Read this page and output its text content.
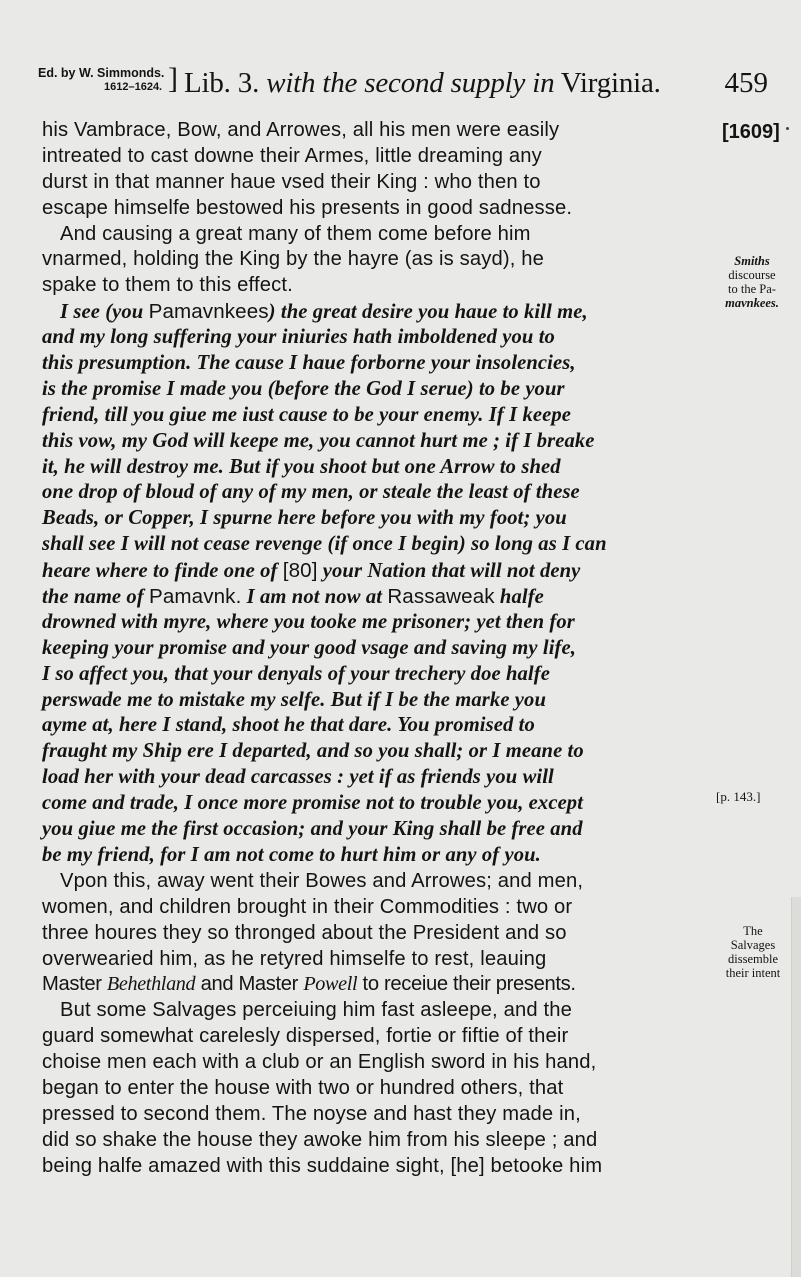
Ed. by W. Simmonds.
1612–1624. ] Lib. 3. with the second supply in Virginia. 459
[1609]
Smiths
discourse
to the Pa-
mavnkees.
[p. 143.]
The
Salvages
dissemble
their intent
his Vambrace, Bow, and Arrowes, all his men were easily
intreated to cast downe their Armes, little dreaming any
durst in that manner haue vsed their King : who then to
escape himselfe bestowed his presents in good sadnesse.
And causing a great many of them come before him
vnarmed, holding the King by the hayre (as is sayd), he
spake to them to this effect.
I see (you Pamavnkees) the great desire you haue to kill me,
and my long suffering your iniuries hath imboldened you to
this presumption. The cause I haue forborne your insolencies,
is the promise I made you (before the God I serue) to be your
friend, till you giue me iust cause to be your enemy. If I keepe
this vow, my God will keepe me, you cannot hurt me ; if I breake
it, he will destroy me. But if you shoot but one Arrow to shed
one drop of bloud of any of my men, or steale the least of these
Beads, or Copper, I spurne here before you with my foot; you
shall see I will not cease revenge (if once I begin) so long as I can
heare where to finde one of [80] your Nation that will not deny
the name of Pamavnk. I am not now at Rassaweak halfe
drowned with myre, where you tooke me prisoner; yet then for
keeping your promise and your good vsage and saving my life,
I so affect you, that your denyals of your trechery doe halfe
perswade me to mistake my selfe. But if I be the marke you
ayme at, here I stand, shoot he that dare. You promised to
fraught my Ship ere I departed, and so you shall; or I meane to
load her with your dead carcasses : yet if as friends you will
come and trade, I once more promise not to trouble you, except
you giue me the first occasion; and your King shall be free and
be my friend, for I am not come to hurt him or any of you.
Vpon this, away went their Bowes and Arrowes; and men,
women, and children brought in their Commodities : two or
three houres they so thronged about the President and so
overwearied him, as he retyred himselfe to rest, leauing
Master Behethland and Master Powell to receiue their presents.
But some Salvages perceiuing him fast asleepe, and the
guard somewhat carelesly dispersed, fortie or fiftie of their
choise men each with a club or an English sword in his hand,
began to enter the house with two or hundred others, that
pressed to second them. The noyse and hast they made in,
did so shake the house they awoke him from his sleepe ; and
being halfe amazed with this suddaine sight, [he] betooke him
